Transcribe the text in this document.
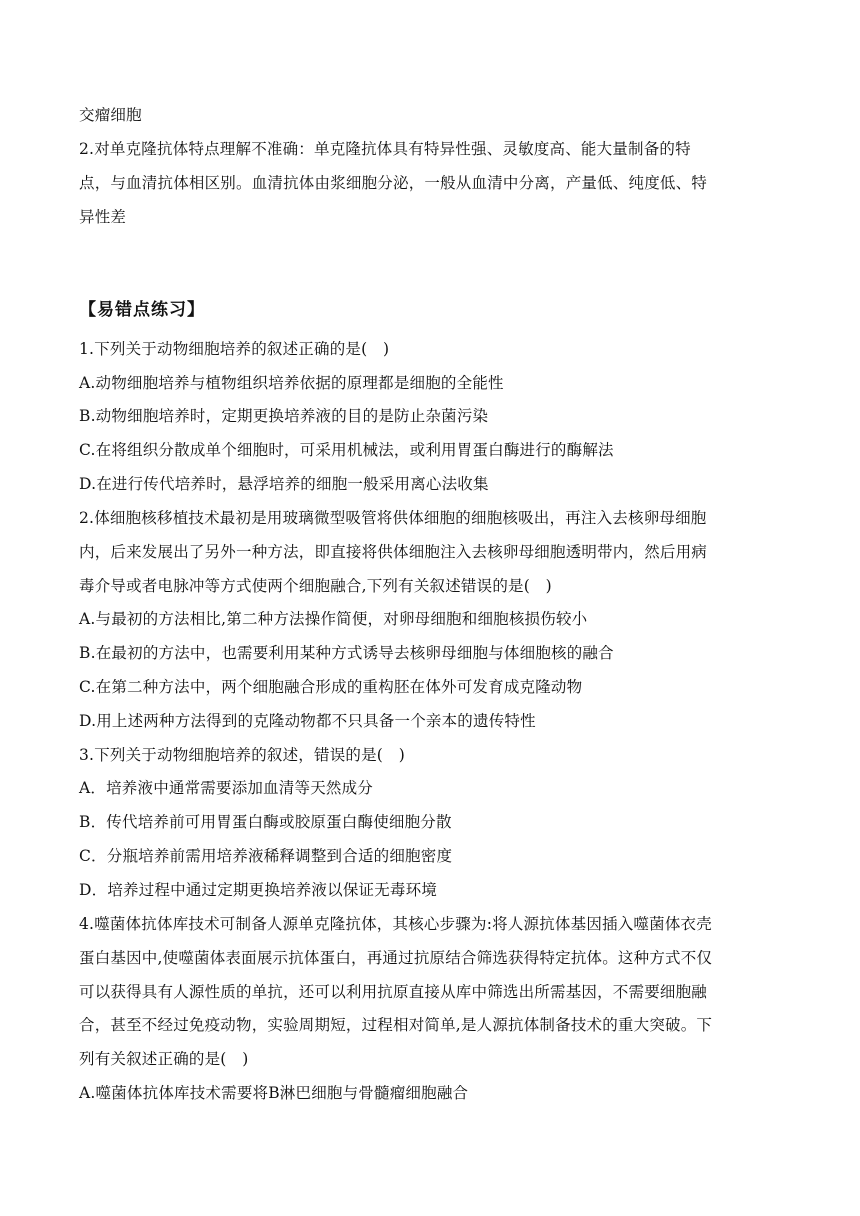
交瘤细胞
2.对单克隆抗体特点理解不准确：单克隆抗体具有特异性强、灵敏度高、能大量制备的特
点，与血清抗体相区别。血清抗体由浆细胞分泌，一般从血清中分离，产量低、纯度低、特
异性差
【易错点练习】
1.下列关于动物细胞培养的叙述正确的是(　)
A.动物细胞培养与植物组织培养依据的原理都是细胞的全能性
B.动物细胞培养时，定期更换培养液的目的是防止杂菌污染
C.在将组织分散成单个细胞时，可采用机械法，或利用胃蛋白酶进行的酶解法
D.在进行传代培养时，悬浮培养的细胞一般采用离心法收集
2.体细胞核移植技术最初是用玻璃微型吸管将供体细胞的细胞核吸出，再注入去核卵母细胞
内，后来发展出了另外一种方法，即直接将供体细胞注入去核卵母细胞透明带内，然后用病
毒介导或者电脉冲等方式使两个细胞融合,下列有关叙述错误的是(　)
A.与最初的方法相比,第二种方法操作简便，对卵母细胞和细胞核损伤较小
B.在最初的方法中，也需要利用某种方式诱导去核卵母细胞与体细胞核的融合
C.在第二种方法中，两个细胞融合形成的重构胚在体外可发育成克隆动物
D.用上述两种方法得到的克隆动物都不只具备一个亲本的遗传特性
3.下列关于动物细胞培养的叙述，错误的是(　)
A．培养液中通常需要添加血清等天然成分
B．传代培养前可用胃蛋白酶或胶原蛋白酶使细胞分散
C．分瓶培养前需用培养液稀释调整到合适的细胞密度
D．培养过程中通过定期更换培养液以保证无毒环境
4.噬菌体抗体库技术可制备人源单克隆抗体，其核心步骤为:将人源抗体基因插入噬菌体衣壳
蛋白基因中,使噬菌体表面展示抗体蛋白，再通过抗原结合筛选获得特定抗体。这种方式不仅
可以获得具有人源性质的单抗，还可以利用抗原直接从库中筛选出所需基因，不需要细胞融
合，甚至不经过免疫动物，实验周期短，过程相对简单,是人源抗体制备技术的重大突破。下
列有关叙述正确的是(　)
A.噬菌体抗体库技术需要将B淋巴细胞与骨髓瘤细胞融合
